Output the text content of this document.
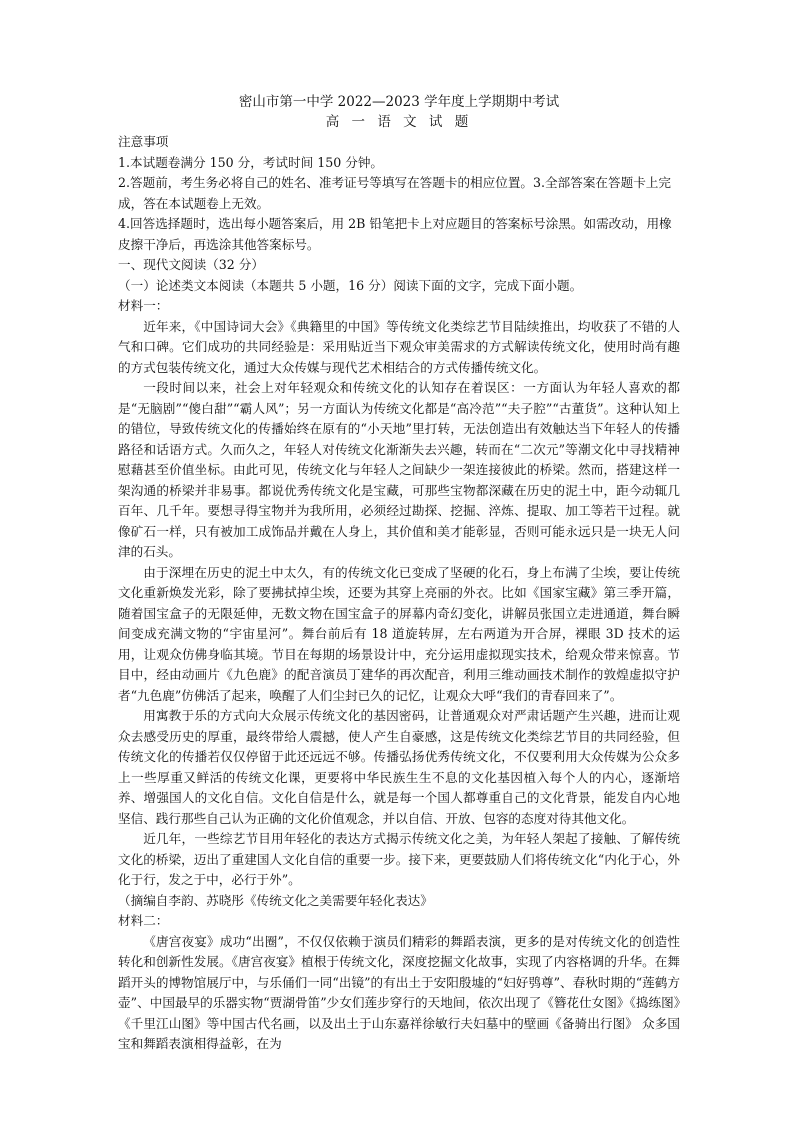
密山市第一中学 2022—2023 学年度上学期期中考试
高 一 语 文 试 题
注意事项
1.本试题卷满分 150 分，考试时间 150 分钟。
2.答题前，考生务必将自己的姓名、准考证号等填写在答题卡的相应位置。3.全部答案在答题卡上完成，答在本试题卷上无效。
4.回答选择题时，选出每小题答案后，用 2B 铅笔把卡上对应题目的答案标号涂黑。如需改动，用橡皮擦干净后，再选涂其他答案标号。
一、现代文阅读（32 分）
（一）论述类文本阅读（本题共 5 小题，16 分）阅读下面的文字，完成下面小题。
材料一：

近年来，《中国诗词大会》《典籍里的中国》等传统文化类综艺节目陆续推出，均收获了不错的人气和口碑。它们成功的共同经验是：采用贴近当下观众审美需求的方式解读传统文化，使用时尚有趣的方式包装传统文化，通过大众传媒与现代艺术相结合的方式传播传统文化。

一段时间以来，社会上对年轻观众和传统文化的认知存在着误区：一方面认为年轻人喜欢的都是“无脑剧”“傻白甜”“霸人风”；另一方面认为传统文化都是“高冷范”“夫子腔”“古董货”。这种认知上的错位，导致传统文化的传播始终在原有的“小天地”里打转，无法创造出有效触达当下年轻人的传播路径和话语方式。久而久之，年轻人对传统文化渐渐失去兴趣，转而在“二次元”等潮文化中寻找精神慰藉甚至价值坐标。由此可见，传统文化与年轻人之间缺少一架连接彼此的桥梁。然而，搭建这样一架沟通的桥梁并非易事。都说优秀传统文化是宝藏，可那些宝物都深藏在历史的泥土中，距今动辄几百年、几千年。要想寻得宝物并为我所用，必须经过勘探、挖掘、淬炼、提取、加工等若干过程。就像矿石一样，只有被加工成饰品并戴在人身上，其价值和美才能彰显，否则可能永远只是一块无人问津的石头。

由于深埋在历史的泥土中太久，有的传统文化已变成了坚硬的化石，身上布满了尘埃，要让传统文化重新焕发光彩，除了要拂拭掉尘埃，还要为其穿上亮丽的外衣。比如《国家宝藏》第三季开篇，随着国宝盒子的无限延伸，无数文物在国宝盒子的屏幕内奇幻变化，讲解员张国立走进通道，舞台瞬间变成充满文物的“宇宙星河”。舞台前后有 18 道旋转屏，左右两道为开合屏，裸眼 3D 技术的运用，让观众仿佛身临其境。节目在每期的场景设计中，充分运用虚拟现实技术，给观众带来惊喜。节目中，经由动画片《九色鹿》的配音演员丁建华的再次配音，利用三维动画技术制作的敦煌虚拟守护者“九色鹿”仿佛活了起来，唤醒了人们尘封已久的记忆，让观众大呼“我们的青春回来了”。

用寓教于乐的方式向大众展示传统文化的基因密码，让普通观众对严肃话题产生兴趣，进而让观众去感受历史的厚重，最终带给人震撼，使人产生自豪感，这是传统文化类综艺节目的共同经验，但传统文化的传播若仅仅停留于此还远远不够。传播弘扬优秀传统文化，不仅要利用大众传媒为公众多上一些厚重又鲜活的传统文化课，更要将中华民族生生不息的文化基因植入每个人的内心，逐渐培养、增强国人的文化自信。文化自信是什么，就是每一个国人都尊重自己的文化背景，能发自内心地坚信、践行那些自己认为正确的文化价值观念，并以自信、开放、包容的态度对待其他文化。

近几年，一些综艺节目用年轻化的表达方式揭示传统文化之美，为年轻人架起了接触、了解传统文化的桥梁，迈出了重建国人文化自信的重要一步。接下来，更要鼓励人们将传统文化“内化于心，外化于行，发之于中，必行于外”。

（摘编自李韵、苏晓彤《传统文化之美需要年轻化表达》
材料二：

《唐宫夜宴》成功“出圈”，不仅仅依赖于演员们精彩的舞蹈表演，更多的是对传统文化的创造性转化和创新性发展。《唐宫夜宴》植根于传统文化，深度挖掘文化故事，实现了内容格调的升华。在舞蹈开头的博物馆展厅中，与乐俑们一同“出镜”的有出土于安阳殷墟的“妇好鸮尊”、春秋时期的“莲鹤方壶”、中国最早的乐器实物“贾湖骨笛”少女们莲步穿行的天地间，依次出现了《簪花仕女图》《捣练图》《千里江山图》等中国古代名画，以及出土于山东嘉祥徐敏行夫妇墓中的壁画《备骑出行图》 众多国宝和舞蹈表演相得益彰，在为
